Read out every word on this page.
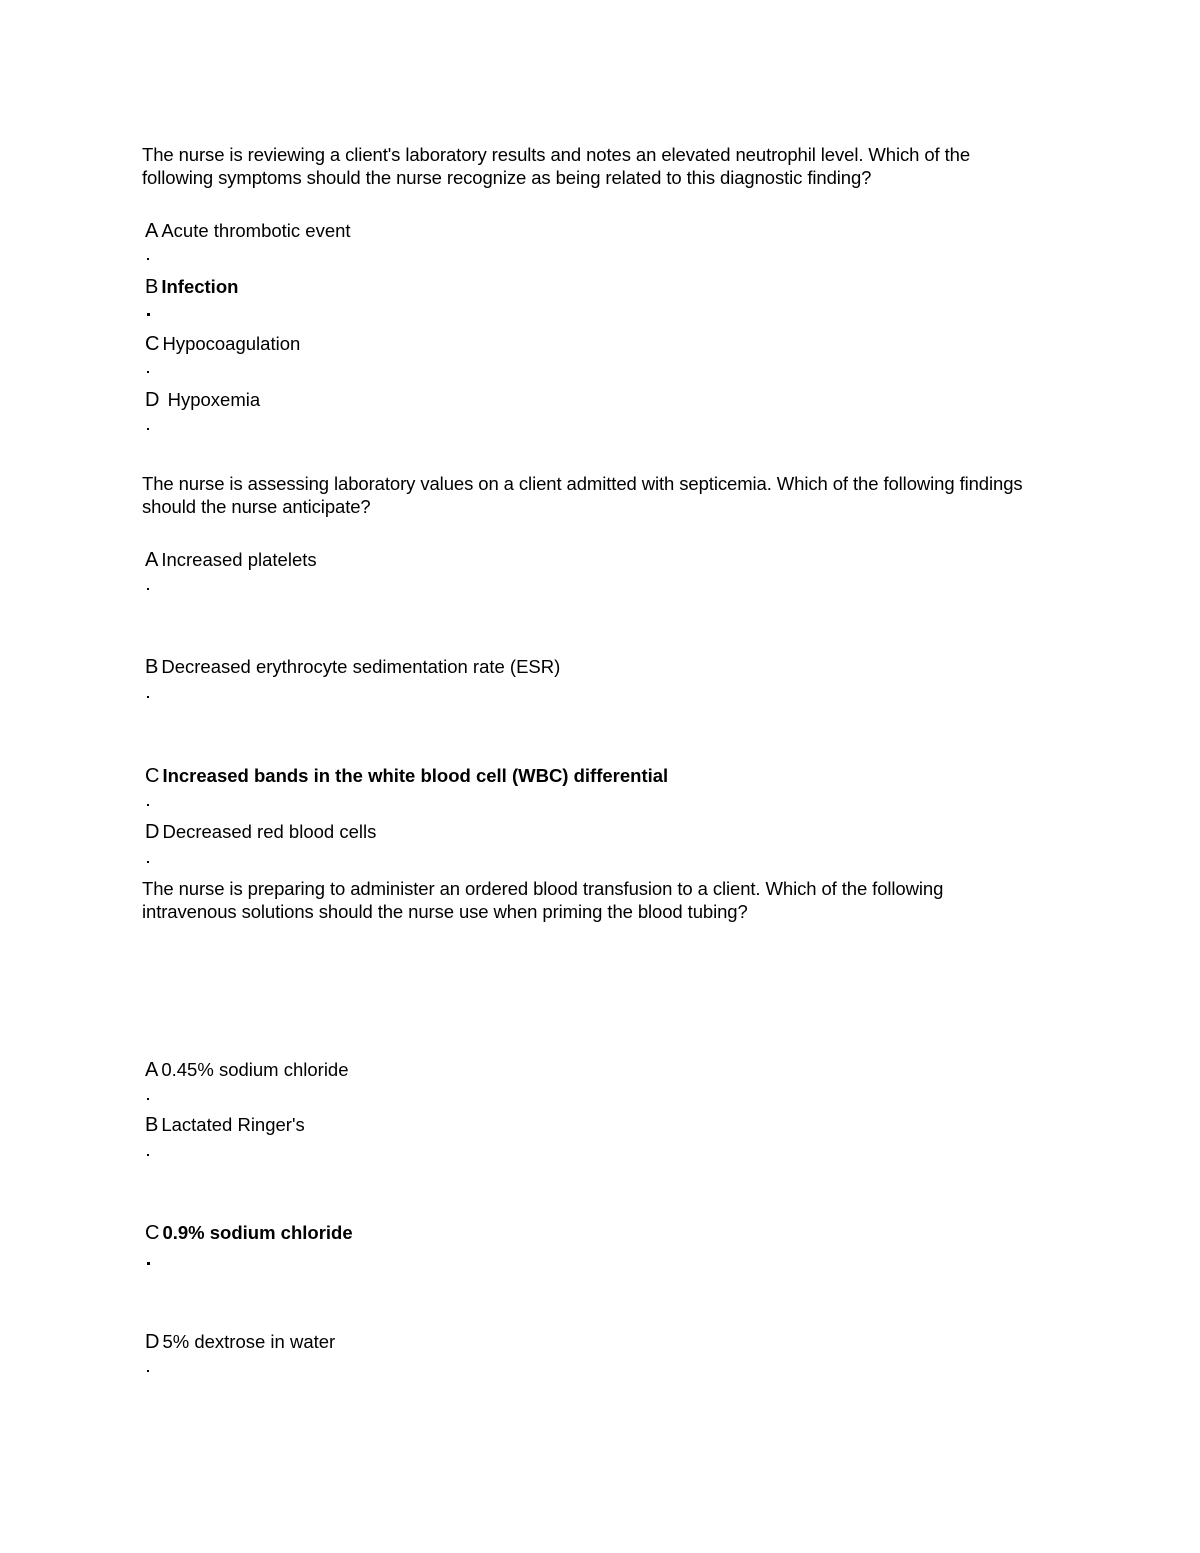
The nurse is reviewing a client's laboratory results and notes an elevated neutrophil level. Which of the following symptoms should the nurse recognize as being related to this diagnostic finding?
A Acute thrombotic event
B Infection
C Hypocoagulation
D Hypoxemia
The nurse is assessing laboratory values on a client admitted with septicemia. Which of the following findings should the nurse anticipate?
A Increased platelets
B Decreased erythrocyte sedimentation rate (ESR)
C Increased bands in the white blood cell (WBC) differential
D Decreased red blood cells
The nurse is preparing to administer an ordered blood transfusion to a client. Which of the following intravenous solutions should the nurse use when priming the blood tubing?
A 0.45% sodium chloride
B Lactated Ringer's
C 0.9% sodium chloride
D 5% dextrose in water
